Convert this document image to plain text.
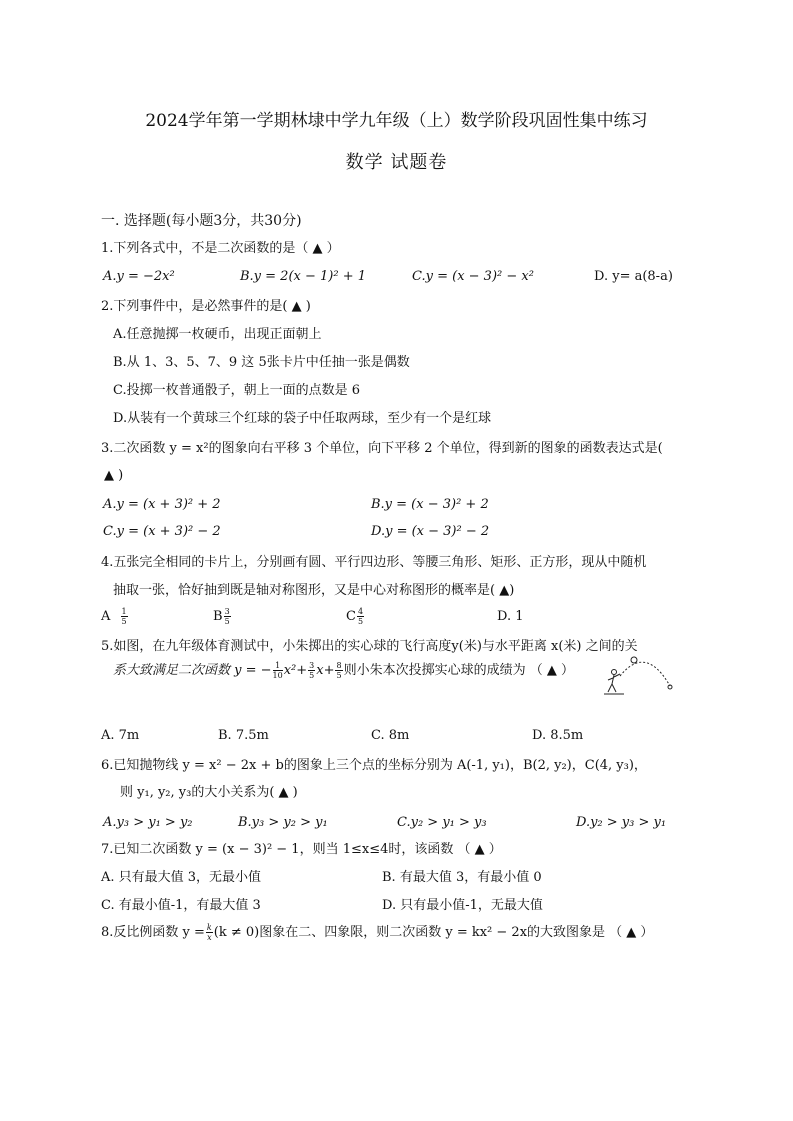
2024学年第一学期林埭中学九年级（上）数学阶段巩固性集中练习
数学 试题卷
一. 选择题(每小题3分，共30分)
1.下列各式中，不是二次函数的是（ ▲ ）
A.y = −2x²	B.y = 2(x − 1)² + 1	C.y = (x − 3)² − x²	D. y= a(8-a)
2.下列事件中，是必然事件的是( ▲ )
A.任意抛掷一枚硬币，出现正面朝上
B.从 1、3、5、7、9 这 5张卡片中任抽一张是偶数
C.投掷一枚普通骰子，朝上一面的点数是 6
D.从装有一个黄球三个红球的袋子中任取两球，至少有一个是红球
3.二次函数 y = x²的图象向右平移 3 个单位，向下平移 2 个单位，得到新的图象的函数表达式是(
▲ )
A.y = (x + 3)² + 2	B.y = (x − 3)² + 2
C.y = (x + 3)² − 2	D.y = (x − 3)² − 2
4.五张完全相同的卡片上，分别画有圆、平行四边形、等腰三角形、矩形、正方形，现从中随机
抽取一张，恰好抽到既是轴对称图形，又是中心对称图形的概率是( ▲)
A $\frac{1}{5}$	B $\frac{3}{5}$	C $\frac{4}{5}$	D. 1
5.如图，在九年级体育测试中，小朱掷出的实心球的飞行高度y(米)与水平距离 x(米) 之间的关
系大致满足二次函数 y = − $\frac{1}{10} x^2+ \frac{3}{5} x+ \frac{8}{5}$ 则小朱本次投掷实心球的成绩为 （ ▲ ）
A. 7m	B. 7.5m	C. 8m	D. 8.5m
6.已知抛物线 y = x² − 2x + b的图象上三个点的坐标分别为 A(-1, y₁)，B(2, y₂)，C(4, y₃)，
则 y₁, y₂, y₃的大小关系为( ▲ )
A.y₃ > y₁ > y₂	B.y₃ > y₂ > y₁	C.y₂ > y₁ > y₃	D.y₂ > y₃ > y₁
7.已知二次函数 y = (x − 3)² − 1，则当 1≤x≤4时，该函数 （ ▲ ）
A. 只有最大值 3，无最小值	B. 有最大值 3，有最小值 0
C. 有最小值-1，有最大值 3	D. 只有最小值-1，无最大值
8.反比例函数 $y = \frac{k}{x} (k \ne 0)$图象在二、四象限，则二次函数 y = kx² − 2x的大致图象是 （ ▲ ）
